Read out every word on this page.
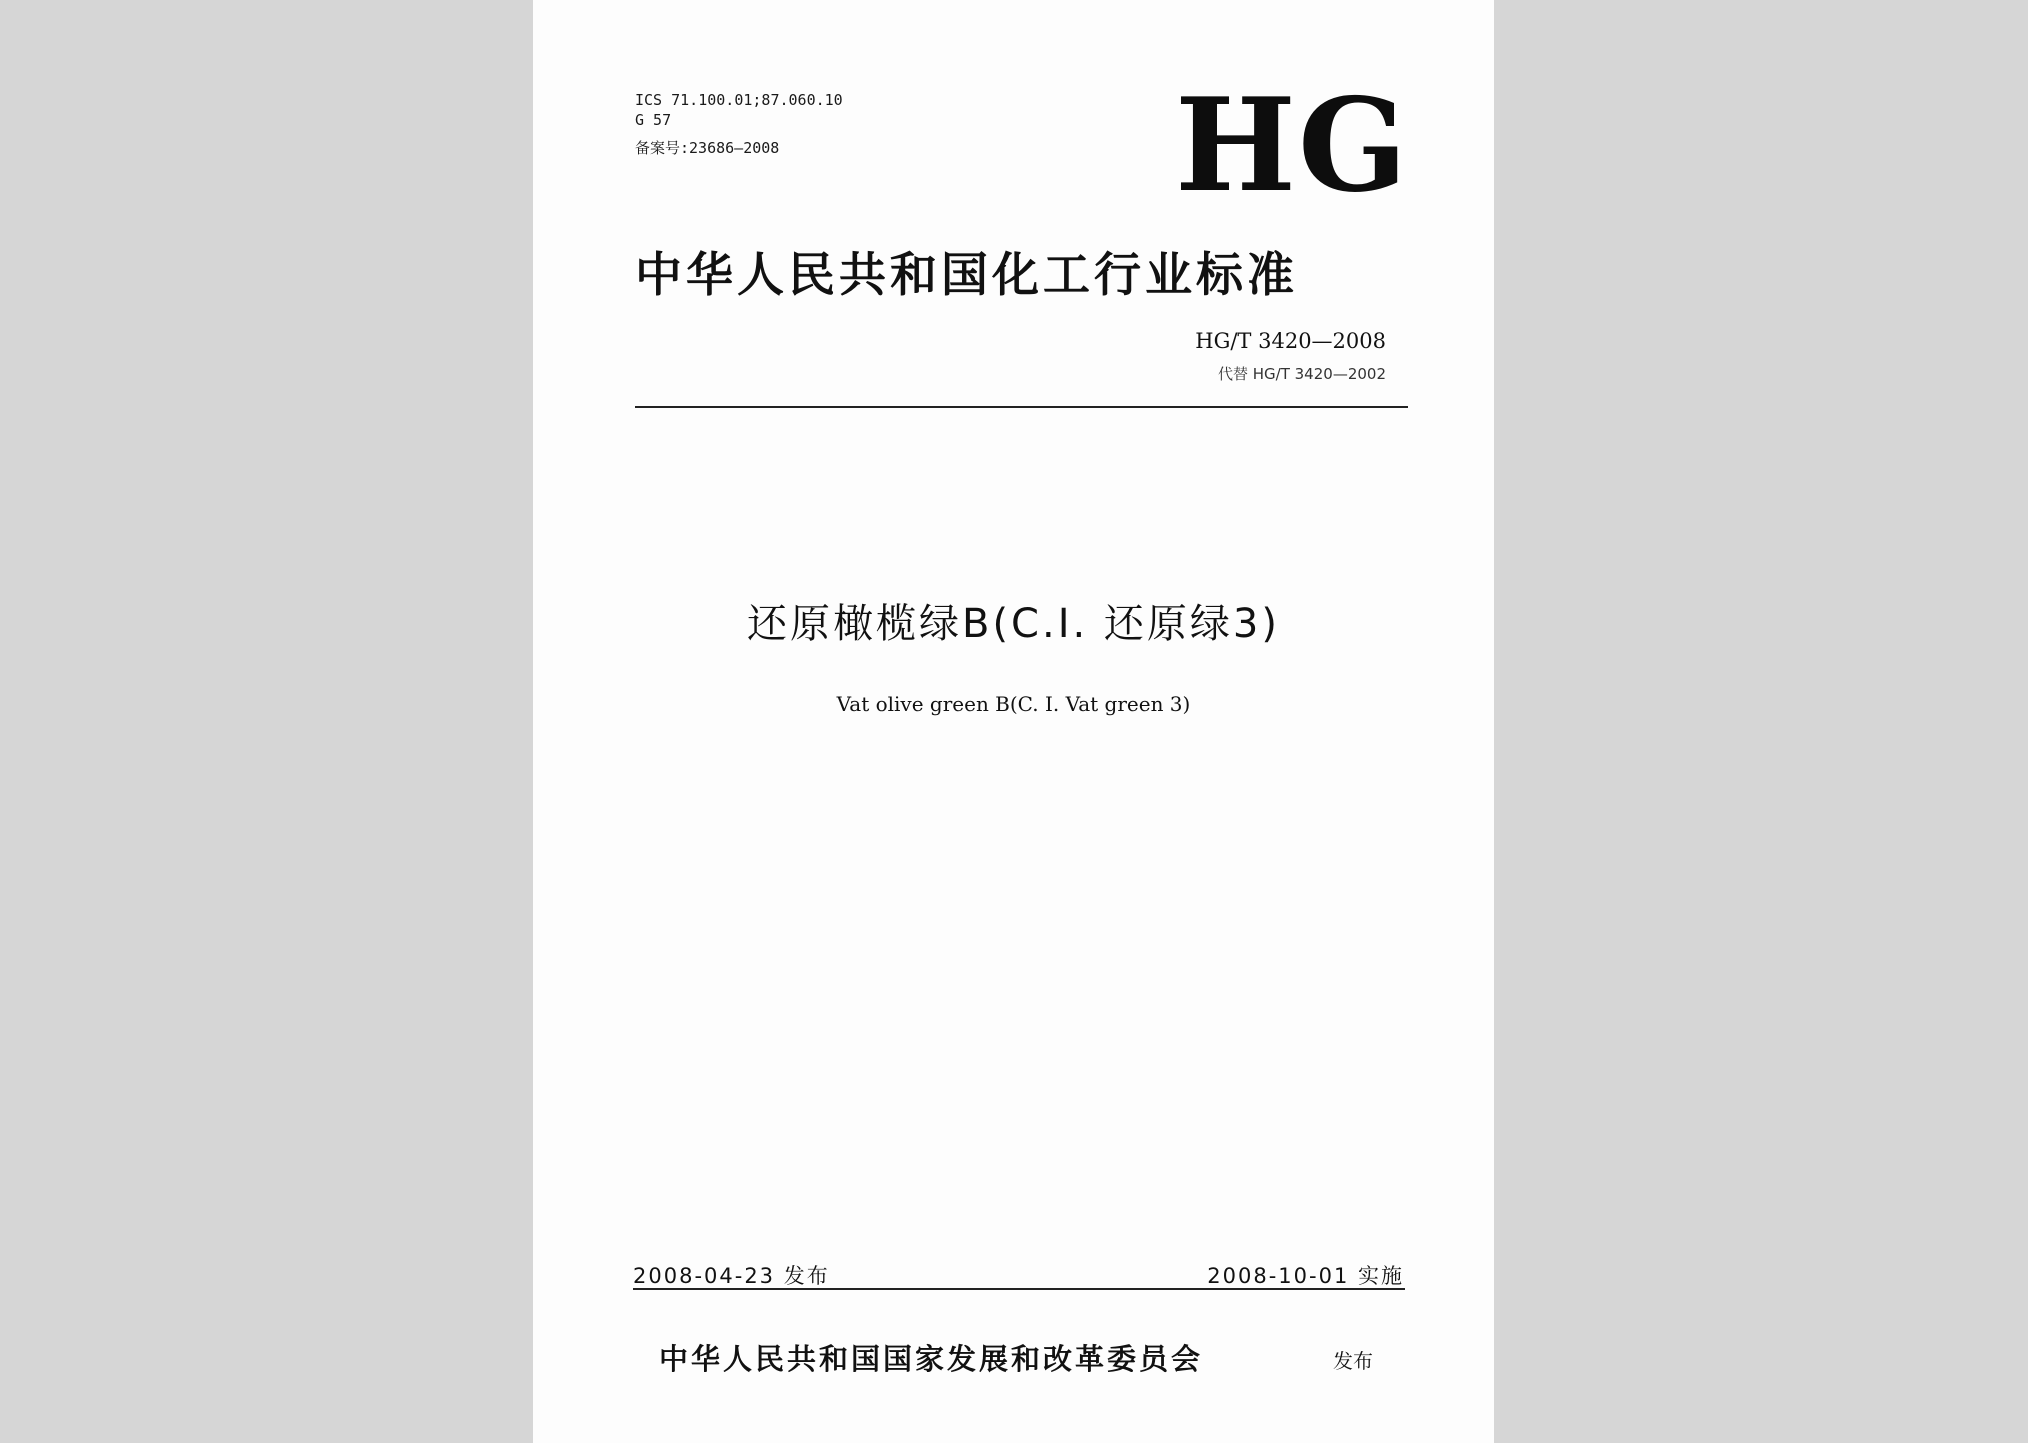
ICS 71.100.01;87.060.10
G 57
备案号:23686—2008	HG
中华人民共和国化工行业标准
HG/T 3420—2008
代替 HG/T 3420—2002
还原橄榄绿B(C.I. 还原绿3)
Vat olive green B(C. I. Vat green 3)
2008-04-23 发布	2008-10-01 实施
中华人民共和国国家发展和改革委员会	发布
